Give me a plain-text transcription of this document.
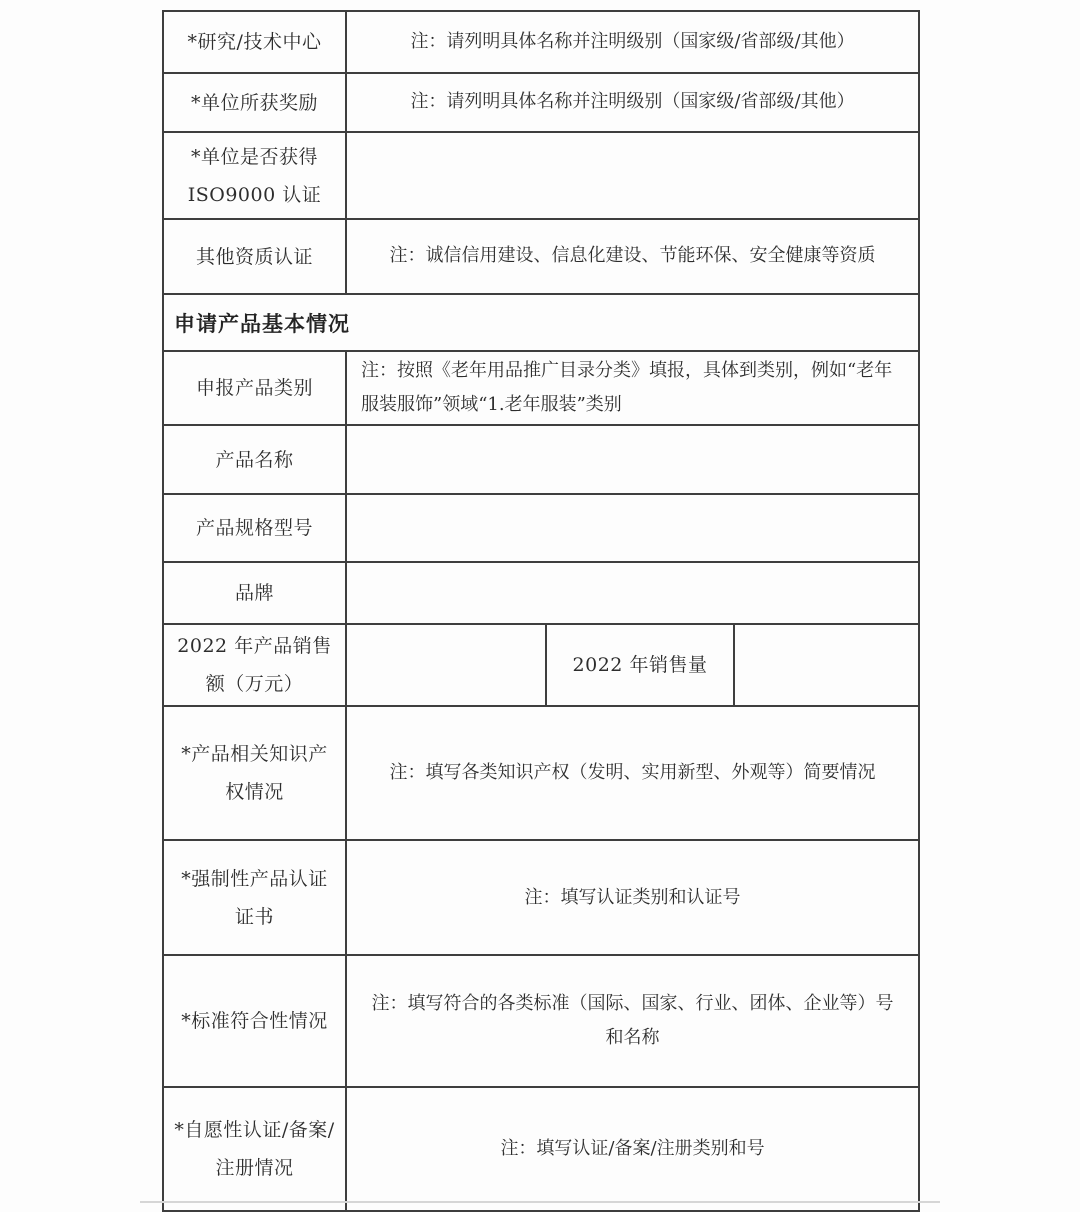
*研究/技术中心	注：请列明具体名称并注明级别（国家级/省部级/其他）		
*单位所获奖励	注：请列明具体名称并注明级别（国家级/省部级/其他）		
*单位是否获得 ISO9000 认证			
其他资质认证	注：诚信信用建设、信息化建设、节能环保、安全健康等资质		
申请产品基本情况			
申报产品类别	注：按照《老年用品推广目录分类》填报，具体到类别，例如“老年服装服饰”领域“1.老年服装”类别		
产品名称			
产品规格型号			
品牌			
2022 年产品销售额（万元）		2022 年销售量	
*产品相关知识产权情况	注：填写各类知识产权（发明、实用新型、外观等）简要情况		
*强制性产品认证证书	注：填写认证类别和认证号		
*标准符合性情况	注：填写符合的各类标准（国际、国家、行业、团体、企业等）号和名称		
*自愿性认证/备案/注册情况	注：填写认证/备案/注册类别和号		
